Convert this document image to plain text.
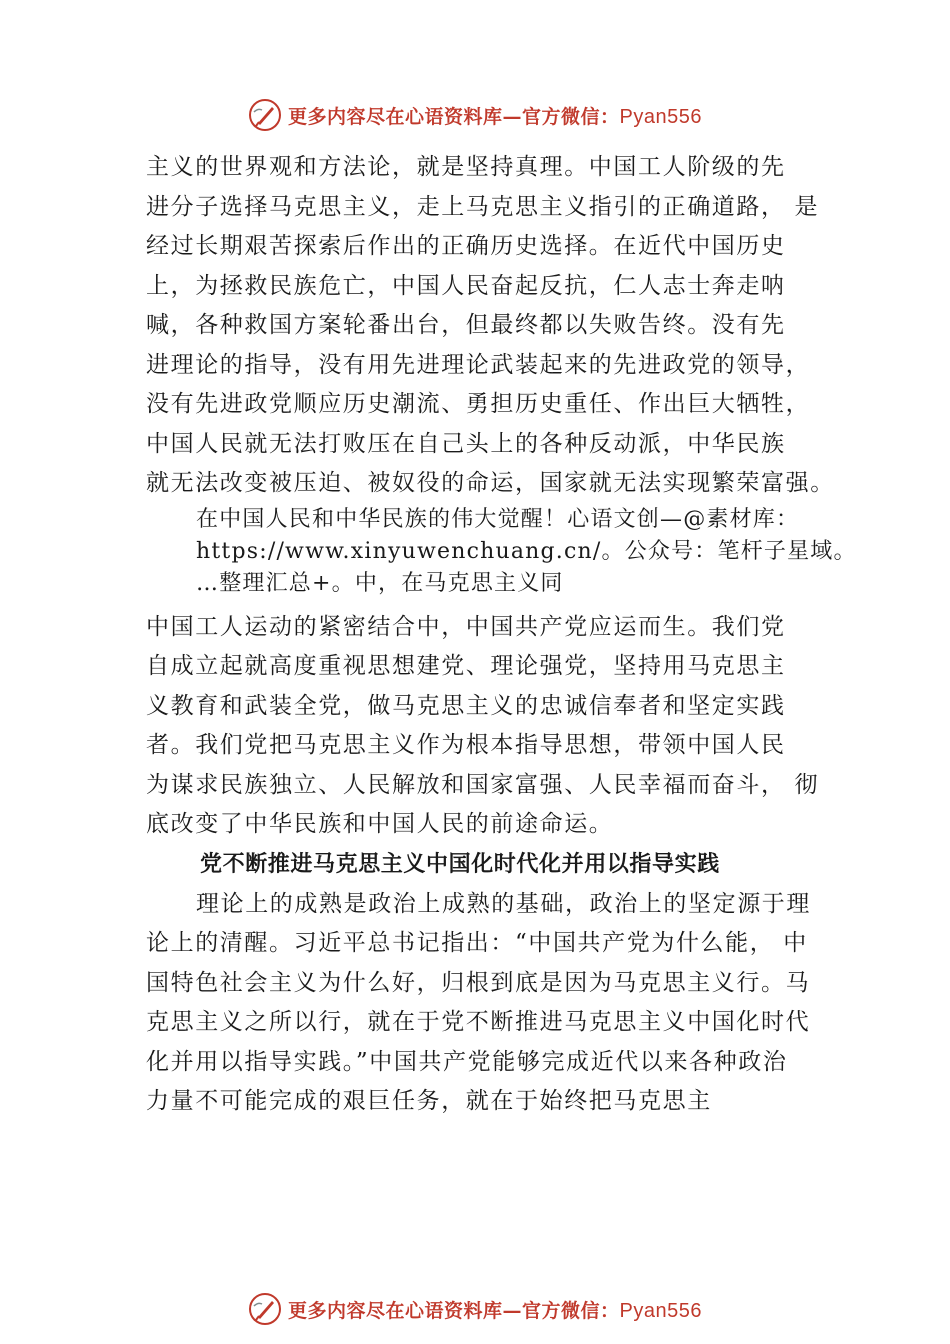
更多内容尽在心语资料库—官方微信：Pyan556
主义的世界观和方法论，就是坚持真理。中国工人阶级的先
进分子选择马克思主义，走上马克思主义指引的正确道路， 是
经过长期艰苦探索后作出的正确历史选择。在近代中国历史
上，为拯救民族危亡，中国人民奋起反抗，仁人志士奔走呐
喊，各种救国方案轮番出台，但最终都以失败告终。没有先
进理论的指导，没有用先进理论武装起来的先进政党的领导，
没有先进政党顺应历史潮流、勇担历史重任、作出巨大牺牲，
中国人民就无法打败压在自己头上的各种反动派，中华民族
就无法改变被压迫、被奴役的命运，国家就无法实现繁荣富强。
在中国人民和中华民族的伟大觉醒！心语文创—@素材库：
https://www.xinyuwenchuang.cn/。公众号：笔杆子星域。
…整理汇总+。中，在马克思主义同
中国工人运动的紧密结合中，中国共产党应运而生。我们党
自成立起就高度重视思想建党、理论强党，坚持用马克思主
义教育和武装全党，做马克思主义的忠诚信奉者和坚定实践
者。我们党把马克思主义作为根本指导思想，带领中国人民
为谋求民族独立、人民解放和国家富强、人民幸福而奋斗， 彻
底改变了中华民族和中国人民的前途命运。
党不断推进马克思主义中国化时代化并用以指导实践
理论上的成熟是政治上成熟的基础，政治上的坚定源于理
论上的清醒。习近平总书记指出：“中国共产党为什么能， 中
国特色社会主义为什么好，归根到底是因为马克思主义行。马
克思主义之所以行，就在于党不断推进马克思主义中国化时代
化并用以指导实践。”中国共产党能够完成近代以来各种政治
力量不可能完成的艰巨任务，就在于始终把马克思主
更多内容尽在心语资料库—官方微信：Pyan556
